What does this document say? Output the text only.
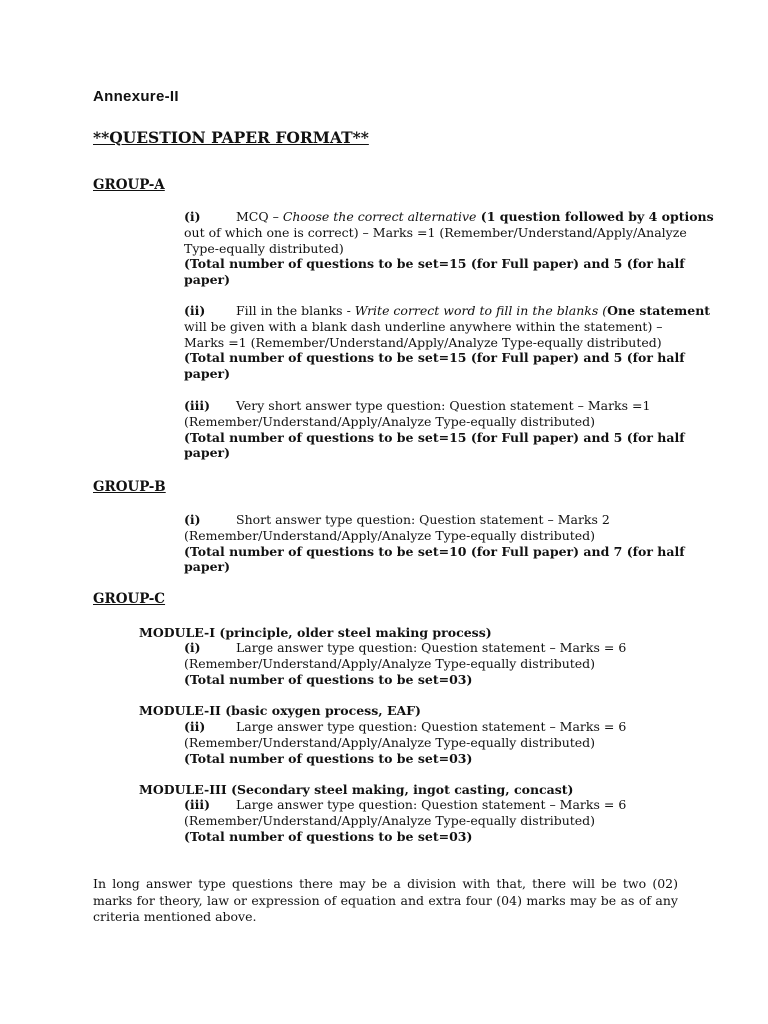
Annexure-II
**QUESTION PAPER FORMAT**
GROUP-A
(i)	MCQ – Choose the correct alternative (1 question followed by 4 options
out of which one is correct) – Marks =1 (Remember/Understand/Apply/Analyze
Type-equally distributed)
(Total number of questions to be set=15 (for Full paper) and 5 (for half
paper)
(ii) Fill in the blanks - Write correct word to fill in the blanks (One statement
will be given with a blank dash underline anywhere within the statement) –
Marks =1 (Remember/Understand/Apply/Analyze Type-equally distributed)
(Total number of questions to be set=15 (for Full paper) and 5 (for half
paper)
(iii) Very short answer type question: Question statement – Marks =1
(Remember/Understand/Apply/Analyze Type-equally distributed)
(Total number of questions to be set=15 (for Full paper) and 5 (for half
paper)
GROUP-B
(i)	Short answer type question: Question statement – Marks 2
(Remember/Understand/Apply/Analyze Type-equally distributed)
(Total number of questions to be set=10 (for Full paper) and 7 (for half
paper)
GROUP-C
MODULE-I (principle, older steel making process)
(i)	Large answer type question: Question statement – Marks = 6
(Remember/Understand/Apply/Analyze Type-equally distributed)
(Total number of questions to be set=03)
MODULE-II (basic oxygen process, EAF)
(ii) Large answer type question: Question statement – Marks = 6
(Remember/Understand/Apply/Analyze Type-equally distributed)
(Total number of questions to be set=03)
MODULE-III (Secondary steel making, ingot casting, concast)
(iii) Large answer type question: Question statement – Marks = 6
(Remember/Understand/Apply/Analyze Type-equally distributed)
(Total number of questions to be set=03)
In long answer type questions there may be a division with that, there will be two (02) marks for theory, law or expression of equation and extra four (04) marks may be as of any criteria mentioned above.
